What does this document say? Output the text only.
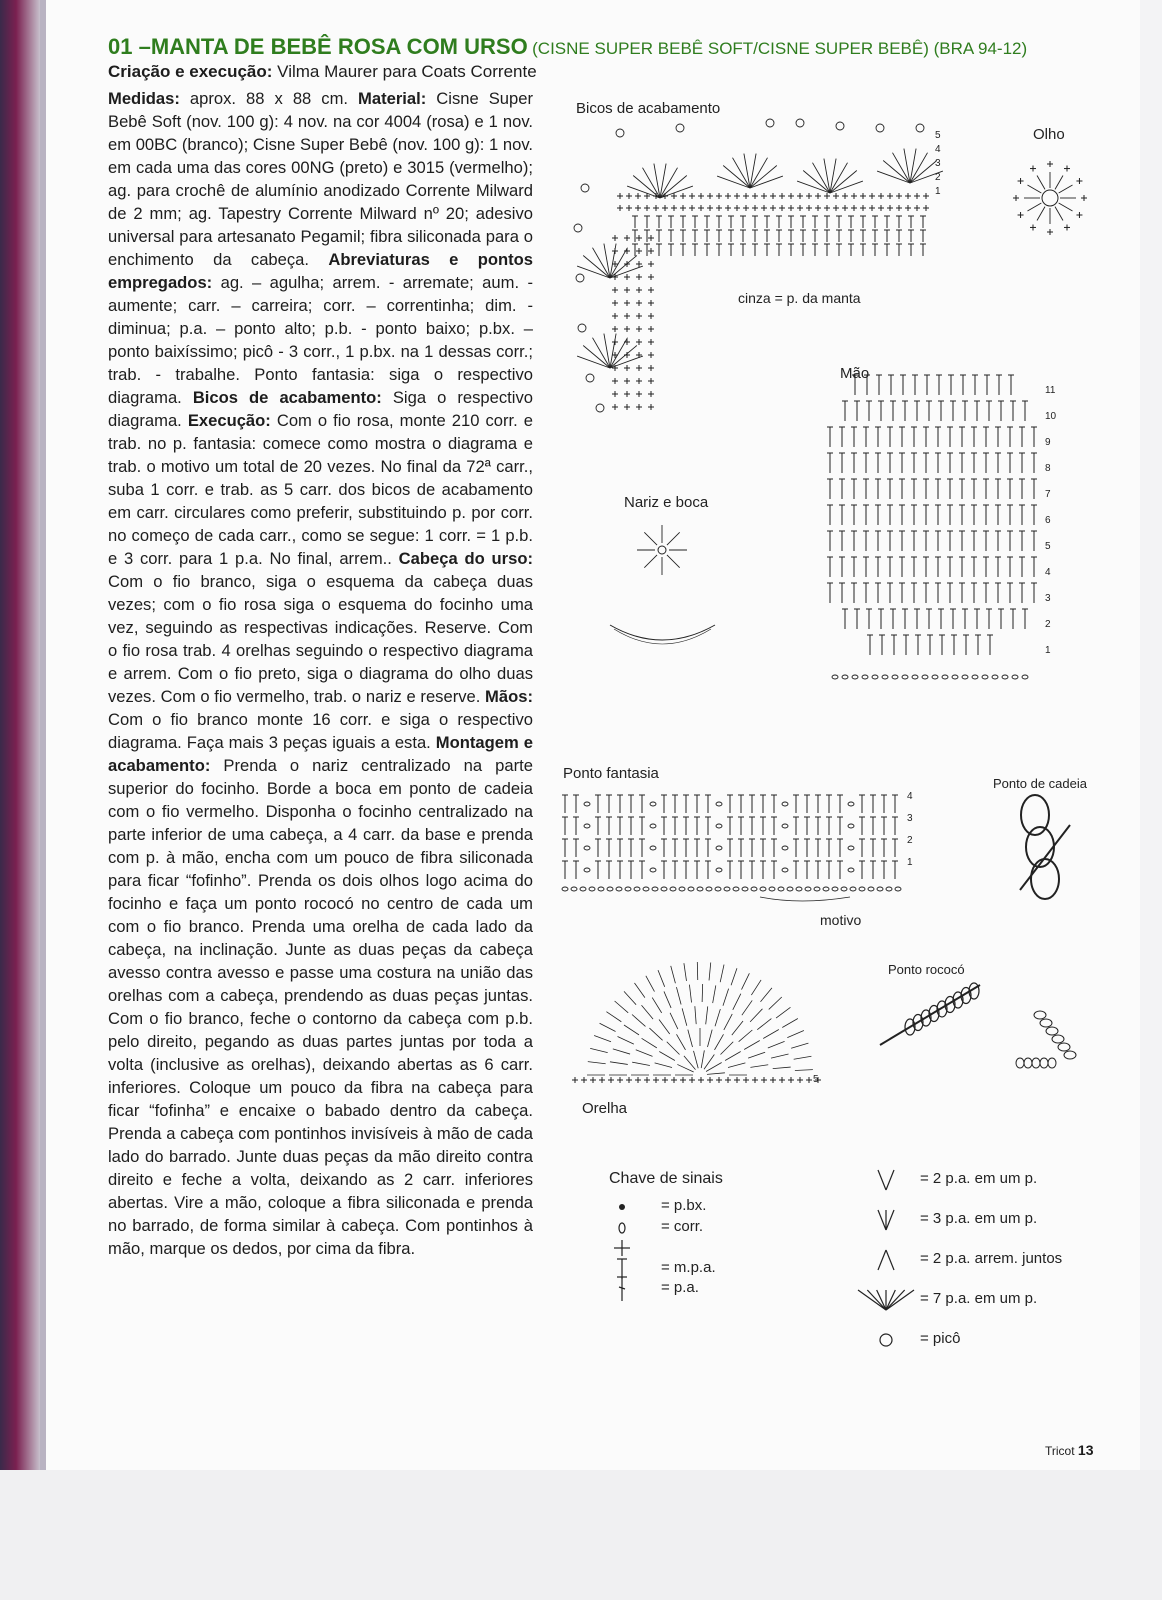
01 –MANTA DE BEBÊ ROSA COM URSO (CISNE SUPER BEBÊ SOFT/CISNE SUPER BEBÊ) (BRA 94-12)
Criação e execução: Vilma Maurer para Coats Corrente
Medidas: aprox. 88 x 88 cm. Material: Cisne Super Bebê Soft (nov. 100 g): 4 nov. na cor 4004 (rosa) e 1 nov. em 00BC (branco); Cisne Super Bebê (nov. 100 g): 1 nov. em cada uma das cores 00NG (preto) e 3015 (vermelho); ag. para crochê de alumínio anodizado Corrente Milward de 2 mm; ag. Tapestry Corrente Milward nº 20; adesivo universal para artesanato Pegamil; fibra siliconada para o enchimento da cabeça. Abreviaturas e pontos empregados: ag. – agulha; arrem. - arremate; aum. - aumente; carr. – carreira; corr. – correntinha; dim. - diminua; p.a. – ponto alto; p.b. - ponto baixo; p.bx. – ponto baixíssimo; picô - 3 corr., 1 p.bx. na 1 dessas corr.; trab. - trabalhe. Ponto fantasia: siga o respectivo diagrama. Bicos de acabamento: Siga o respectivo diagrama. Execução: Com o fio rosa, monte 210 corr. e trab. no p. fantasia: comece como mostra o diagrama e trab. o motivo um total de 20 vezes. No final da 72ª carr., suba 1 corr. e trab. as 5 carr. dos bicos de acabamento em carr. circulares como preferir, substituindo p. por corr. no começo de cada carr., como se segue: 1 corr. = 1 p.b. e 3 corr. para 1 p.a. No final, arrem.. Cabeça do urso: Com o fio branco, siga o esquema da cabeça duas vezes; com o fio rosa siga o esquema do focinho uma vez, seguindo as respectivas indicações. Reserve. Com o fio rosa trab. 4 orelhas seguindo o respectivo diagrama e arrem. Com o fio preto, siga o diagrama do olho duas vezes. Com o fio vermelho, trab. o nariz e reserve. Mãos: Com o fio branco monte 16 corr. e siga o respectivo diagrama. Faça mais 3 peças iguais a esta. Montagem e acabamento: Prenda o nariz centralizado na parte superior do focinho. Borde a boca em ponto de cadeia com o fio vermelho. Disponha o focinho centralizado na parte inferior de uma cabeça, a 4 carr. da base e prenda com p. à mão, encha com um pouco de fibra siliconada para ficar “fofinho”. Prenda os dois olhos logo acima do focinho e faça um ponto rococó no centro de cada um com o fio branco. Prenda uma orelha de cada lado da cabeça, na inclinação. Junte as duas peças da cabeça avesso contra avesso e passe uma costura na união das orelhas com a cabeça, prendendo as duas peças juntas. Com o fio branco, feche o contorno da cabeça com p.b. pelo direito, pegando as duas partes juntas por toda a volta (inclusive as orelhas), deixando abertas as 6 carr. inferiores. Coloque um pouco da fibra na cabeça para ficar “fofinha” e encaixe o babado dentro da cabeça. Prenda a cabeça com pontinhos invisíveis à mão de cada lado do barrado. Junte duas peças da mão direito contra direito e feche a volta, deixando as 2 carr. inferiores abertas. Vire a mão, coloque a fibra siliconada e prenda no barrado, de forma similar à cabeça. Com pontinhos à mão, marque os dedos, por cima da fibra.
Bicos de acabamento
5
4
3
2
1
cinza = p. da manta
Olho
Mão
11
10
9
8
7
6
5
4
3
2
1
Nariz e boca
Ponto fantasia
4
3
2
1
motivo
Ponto de cadeia
Ponto rococó
5
Orelha
Chave de sinais
= p.bx.
= corr.
= m.p.a.
= p.a.
= 2 p.a. em um p.
= 3 p.a. em um p.
= 2 p.a. arrem. juntos
= 7 p.a. em um p.
= picô
Tricot 13
